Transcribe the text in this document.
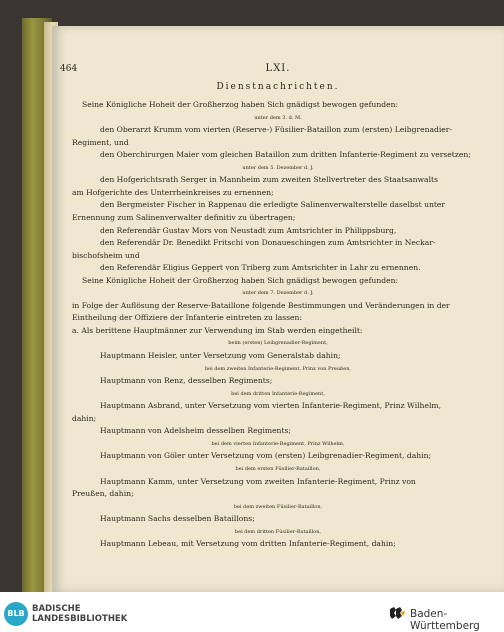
LXI.
Dienstnachrichten.
Seine Königliche Hoheit der Großherzog haben Sich gnädigst bewogen gefunden:
unter dem 3. d. M.
den Oberarzt Krumm vom vierten (Reserve-) Füsilier-Bataillon zum (ersten) Leibgrenadier-
Regiment, und
den Oberchirurgen Maier vom gleichen Bataillon zum dritten Infanterie-Regiment zu versetzen;
unter dem 5. Dezember d. J.
den Hofgerichtsrath Serger in Mannheim zum zweiten Stellvertreter des Staatsanwalts
am Hofgerichte des Unterrheinkreises zu ernennen;
den Bergmeister Fischer in Rappenau die erledigte Salinenverwalterstelle daselbst unter
Ernennung zum Salinenverwalter definitiv zu übertragen;
den Referendär Gustav Mors von Neustadt zum Amtsrichter in Philippsburg,
den Referendär Dr. Benedikt Fritschi von Donaueschingen zum Amtsrichter in Neckar-
bischofsheim und
den Referendär Eligius Geppert von Triberg zum Amtsrichter in Lahr zu ernennen.
Seine Königliche Hoheit der Großherzog haben Sich gnädigst bewogen gefunden:
unter dem 7. Dezember d. J.
in Folge der Auflösung der Reserve-Bataillone folgende Bestimmungen und Veränderungen in der
Eintheilung der Offiziere der Infanterie eintreten zu lassen:
a. Als berittene Hauptmänner zur Verwendung im Stab werden eingetheilt:
beim (ersten) Leibgrenadier-Regiment,
Hauptmann Heisler, unter Versetzung vom Generalstab dahin;
bei dem zweiten Infanterie-Regiment, Prinz von Preußen,
Hauptmann von Renz, desselben Regiments;
bei dem dritten Infanterie-Regiment,
Hauptmann Asbrand, unter Versetzung vom vierten Infanterie-Regiment, Prinz Wilhelm,
dahin;
Hauptmann von Adelsheim desselben Regiments;
bei dem vierten Infanterie-Regiment, Prinz Wilhelm,
Hauptmann von Göler unter Versetzung vom (ersten) Leibgrenadier-Regiment, dahin;
bei dem ersten Füsilier-Bataillon,
Hauptmann Kamm, unter Versetzung vom zweiten Infanterie-Regiment, Prinz von
Preußen, dahin;
bei dem zweiten Füsilier-Bataillon,
Hauptmann Sachs desselben Bataillons;
bei dem dritten Füsilier-Bataillon,
Hauptmann Lebeau, mit Versetzung vom dritten Infanterie-Regiment, dahin;
464
BLB BADISCHE
LANDESBIBLIOTHEK	Baden-Württemberg
